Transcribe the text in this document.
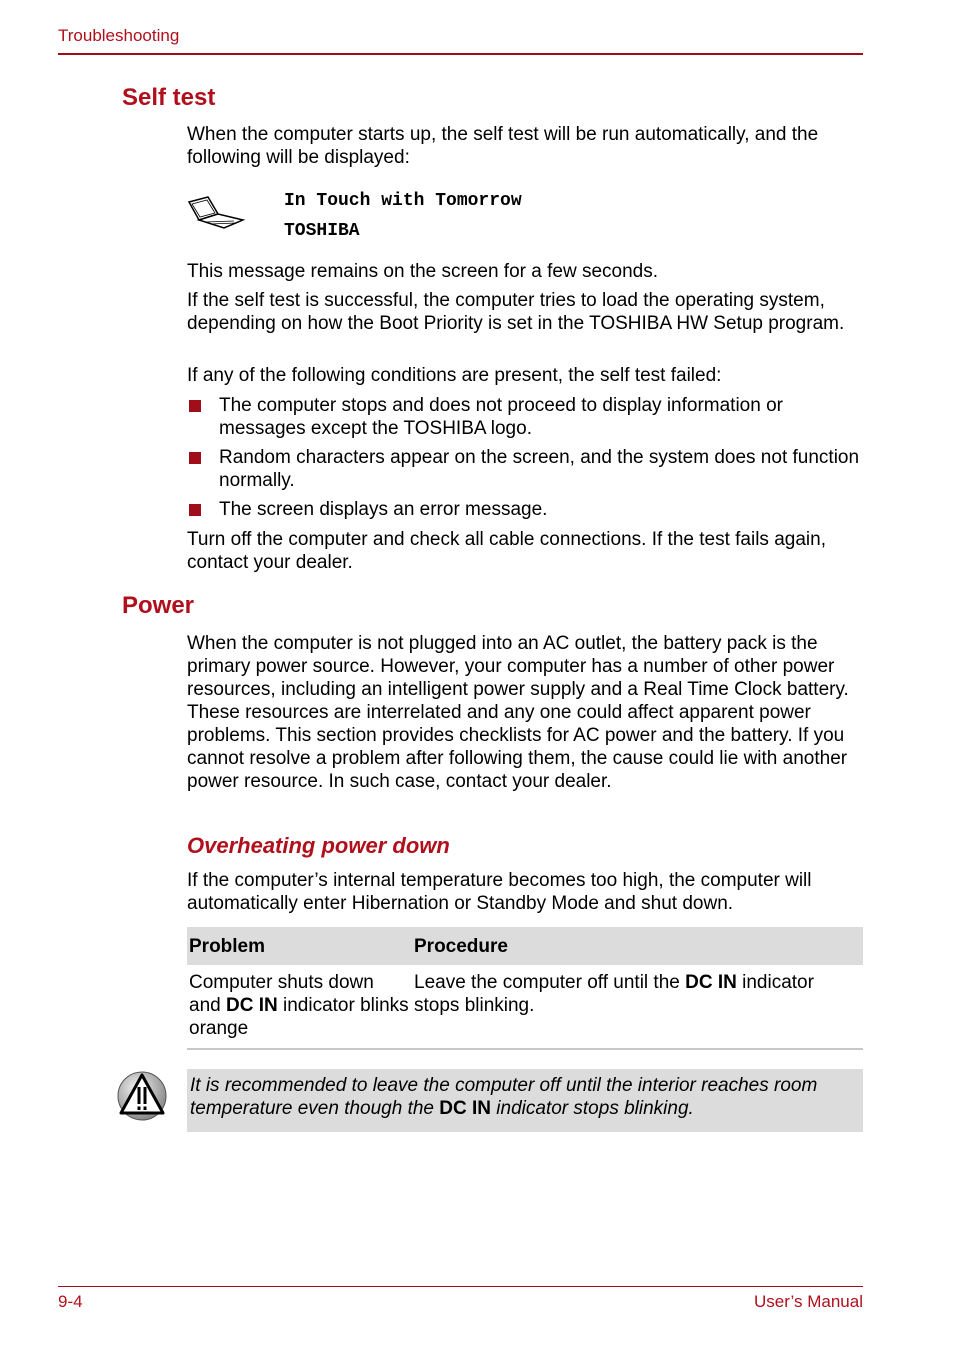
Troubleshooting
Self test

When the computer starts up, the self test will be run automatically, and the following will be displayed:

In Touch with Tomorrow
TOSHIBA

This message remains on the screen for a few seconds.

If the self test is successful, the computer tries to load the operating system, depending on how the Boot Priority is set in the TOSHIBA HW Setup program.

If any of the following conditions are present, the self test failed:

The computer stops and does not proceed to display information or messages except the TOSHIBA logo.
Random characters appear on the screen, and the system does not function normally.
The screen displays an error message.

Turn off the computer and check all cable connections. If the test fails again, contact your dealer.

Power

When the computer is not plugged into an AC outlet, the battery pack is the primary power source. However, your computer has a number of other power resources, including an intelligent power supply and a Real Time Clock battery. These resources are interrelated and any one could affect apparent power problems. This section provides checklists for AC power and the battery. If you cannot resolve a problem after following them, the cause could lie with another power resource. In such case, contact your dealer.

Overheating power down

If the computer’s internal temperature becomes too high, the computer will automatically enter Hibernation or Standby Mode and shut down.

Problem	Procedure
Computer shuts down and DC IN indicator blinks orange	Leave the computer off until the DC IN indicator stops blinking.
It is recommended to leave the computer off until the interior reaches room temperature even though the DC IN indicator stops blinking.
9-4	User’s Manual
